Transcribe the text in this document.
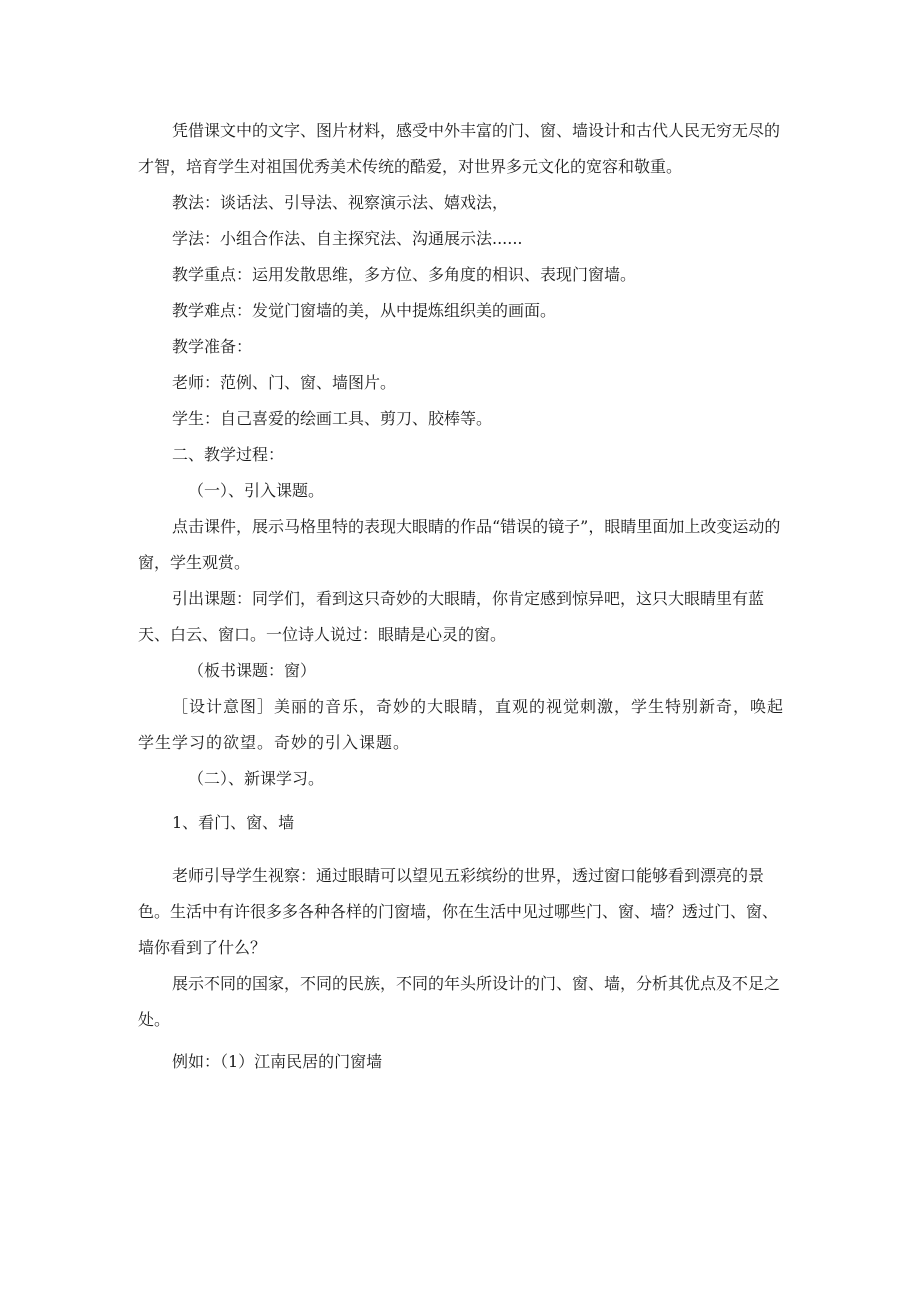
凭借课文中的文字、图片材料，感受中外丰富的门、窗、墙设计和古代人民无穷无尽的才智，培育学生对祖国优秀美术传统的酷爱，对世界多元文化的宽容和敬重。
教法：谈话法、引导法、视察演示法、嬉戏法，
学法：小组合作法、自主探究法、沟通展示法......
教学重点：运用发散思维，多方位、多角度的相识、表现门窗墙。
教学难点：发觉门窗墙的美，从中提炼组织美的画面。
教学准备：
老师：范例、门、窗、墙图片。
学生：自己喜爱的绘画工具、剪刀、胶棒等。
二、教学过程：
（一）、引入课题。
点击课件，展示马格里特的表现大眼睛的作品“错误的镜子”，眼睛里面加上改变运动的窗，学生观赏。
引出课题：同学们，看到这只奇妙的大眼睛，你肯定感到惊异吧，这只大眼睛里有蓝天、白云、窗口。一位诗人说过：眼睛是心灵的窗。
（板书课题：窗）
［设计意图］美丽的音乐，奇妙的大眼睛，直观的视觉刺激，学生特别新奇，唤起学生学习的欲望。奇妙的引入课题。
（二）、新课学习。
1、看门、窗、墙
老师引导学生视察：通过眼睛可以望见五彩缤纷的世界，透过窗口能够看到漂亮的景色。生活中有许很多多各种各样的门窗墙，你在生活中见过哪些门、窗、墙？透过门、窗、墙你看到了什么？
展示不同的国家，不同的民族，不同的年头所设计的门、窗、墙，分析其优点及不足之处。
例如：（1）江南民居的门窗墙
